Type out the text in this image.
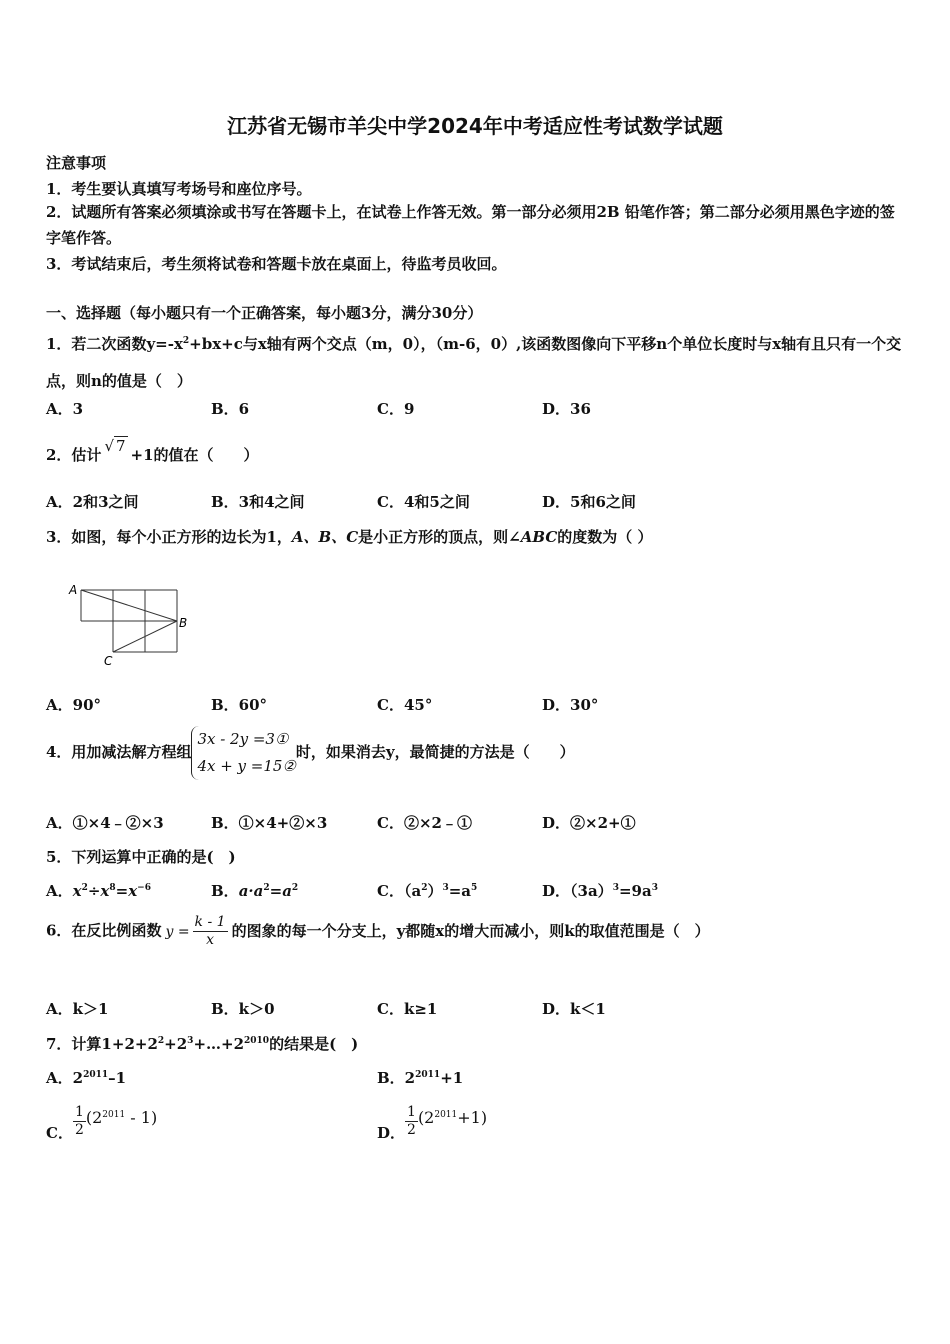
江苏省无锡市羊尖中学2024年中考适应性考试数学试题
注意事项
1．考生要认真填写考场号和座位序号。
2．试题所有答案必须填涂或书写在答题卡上，在试卷上作答无效。第一部分必须用2B 铅笔作答；第二部分必须用黑色字迹的签字笔作答。
3．考试结束后，考生须将试卷和答题卡放在桌面上，待监考员收回。
一、选择题（每小题只有一个正确答案，每小题3分，满分30分）
1．若二次函数$y=-x^2+bx+c$与x轴有两个交点（m，0），（m-6，0）,该函数图像向下平移n个单位长度时与x轴有且只有一个交点，则n的值是（　）
A．3	B．6	C．9	D．36
2．估计 √ 7 +1的值在（　　）
A．2和3之间	B．3和4之间	C．4和5之间	D．5和6之间
3．如图，每个小正方形的边长为1，A、B、C是小正方形的顶点，则∠ABC的度数为（ ）
A
B
C
A．90°	B．60°	C．45°	D．30°
4．用加减法解方程组
3x - 2y =3①
4x + y =15②
时，如果消去y，最简捷的方法是（　　）
A．①×4﹣②×3	B．①×4+②×3	C．②×2﹣①	D．②×2+①
5．下列运算中正确的是(　)
A．$x^2\div x^8=x^{-6}$	B．$a\cdot a^2=a^2$	C．$(a^2)^3=a^5$	D．$(3a)^3=9a^3$
6．在反比例函数 $y = \frac{k - 1}{x}$ 的图象的每一个分支上，y都随x的增大而减小，则k的取值范围是（　）
A．k＞1	B．k＞0	C．k≥1	D．k＜1
7．计算$1+2+2^2+2^3+\dots+2^{2010}$的结果是(　)
A．$2^{2011}-1$	B．$2^{2011}+1$
C． $\frac{1}{2} (2^{2011} - 1)$
D． $\frac{1}{2} (2^{2011}+1)$
